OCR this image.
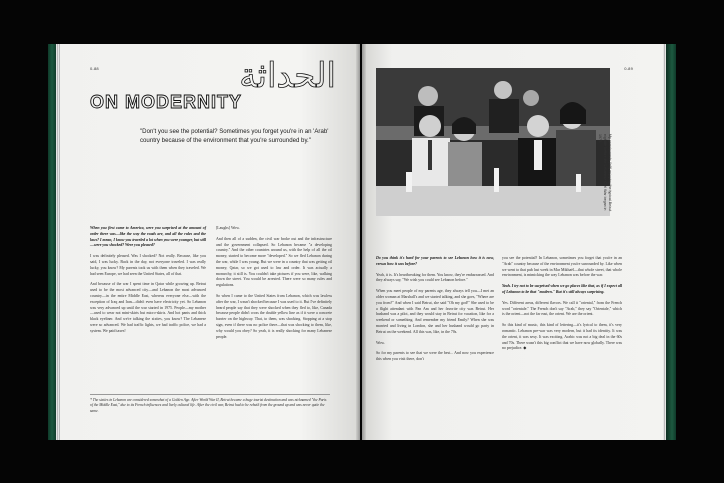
0-88	الحداثة
ON MODERNITY
"Don't you see the potential? Sometimes you forget you're in an 'Arab' country because of the environment that you're surrounded by."

When you first came to America, were you surprised at the amount of order there was—like the way the roads are, and all the rules and the laws? I mean, I know you traveled a lot when you were younger, but still—were you shocked? Were you pleased?

I was definitely pleased. Was I shocked? Not really. Because, like you said, I was lucky. Back in the day, not everyone traveled. I was really lucky, you know? My parents took us with them when they traveled. We had seen Europe, we had seen the United States, all of that.

And because of the war I spent time in Qatar while growing up. Beirut used to be the most advanced city—and Lebanon the most advanced country—in the entire Middle East, whereas everyone else—with the exception of Iraq and Iran—didn't even have electricity yet. So Lebanon was very advanced up until the war started in 1975. People—my mother—used to wear not mini-skirts but micro-skirts. And hot pants and thick black eyeliner. And we're talking the sixties, you know? The Lebanese were so advanced. We had traffic lights, we had traffic police, we had a system. We paid taxes!

[Laughs] Wow.

And then all of a sudden, the civil war broke out and the infrastructure and the government collapsed. So Lebanon became "a developing country." And the other countries around us, with the help of all the oil money, started to become more "developed." So we fled Lebanon during the war, while I was young. But we were in a country that was getting oil money, Qatar, so we got used to law and order. It was actually a monarchy, it still is. You couldn't take pictures if you were, like, walking down the street. You would be arrested. There were so many rules and regulations.

So when I came to the United States from Lebanon, which was lawless after the war, I wasn't shocked because I was used to it. But I've definitely heard people say that they were shocked when they fled to, like, Canada because people didn't cross the double yellow line as if it were a concrete barrier on the highway. That, to them, was shocking. Stopping at a stop sign, even if there was no police there—that was shocking to them, like, why would you obey? So yeah, it is really shocking for many Lebanese people.

* The sixties in Lebanon are considered somewhat of a Golden Age. After World War II, Beirut became a huge tourist destination and was nicknamed "the Paris of the Middle East," due to its French influences and lively cultural life. After the civil war, Beirut had to be rebuilt from the ground up and was never quite the same.
0-89
My grandparents (left) enjoying the typical Beirut nightlife before the Lebanese Civil War began in 1975.

Do you think it's hard for your parents to see Lebanon how it is now, versus how it was before?

Yeah, it is. It's heartbreaking for them. You know, they're embarrassed. And they always say, "We wish you could see Lebanon before."

When you meet people of my parents age, they always tell you—I met an older woman at Marshall's and we started talking, and she goes, "Where are you from?" And when I said Beirut, she said "Oh my god!" She used to be a flight attendant with Pan Am and her favorite city was Beirut. Her husband was a pilot, and they would stay in Beirut for vacation, like for a weekend or something. And remember my friend Emily? When she was married and living in London, she and her husband would go party in Beirut on the weekend. All this was, like, in the 70s.

Wow.

So for my parents to see that we were the best... And now you experience this when you visit there, don't

you see the potential? In Lebanon, sometimes you forget that you're in an "Arab" country because of the environment you're surrounded by. Like when we went to that pub last week in Mar Mikhaël—that whole street, that whole environment, is mimicking the way Lebanon was before the war.

Yeah. I try not to be surprised when we go places like that, as if I expect all of Lebanon to be that "modern." But it's still always surprising.

Yes. Different areas, different flavors. We call it "oriental," from the French word "orientale." The French don't say "Arab," they say "Orientale," which is the orient—not the far east, the orient. We are the orient.

So this kind of music, this kind of lettering—it's lyrical to them, it's very romantic. Lebanon pre-war was very modern, but it had its identity. It was the orient, it was sexy. It was exciting. Arabic was not a big deal in the 60s and 70s. There wasn't this big conflict that we have now globally. There was no prejudice. ◆
